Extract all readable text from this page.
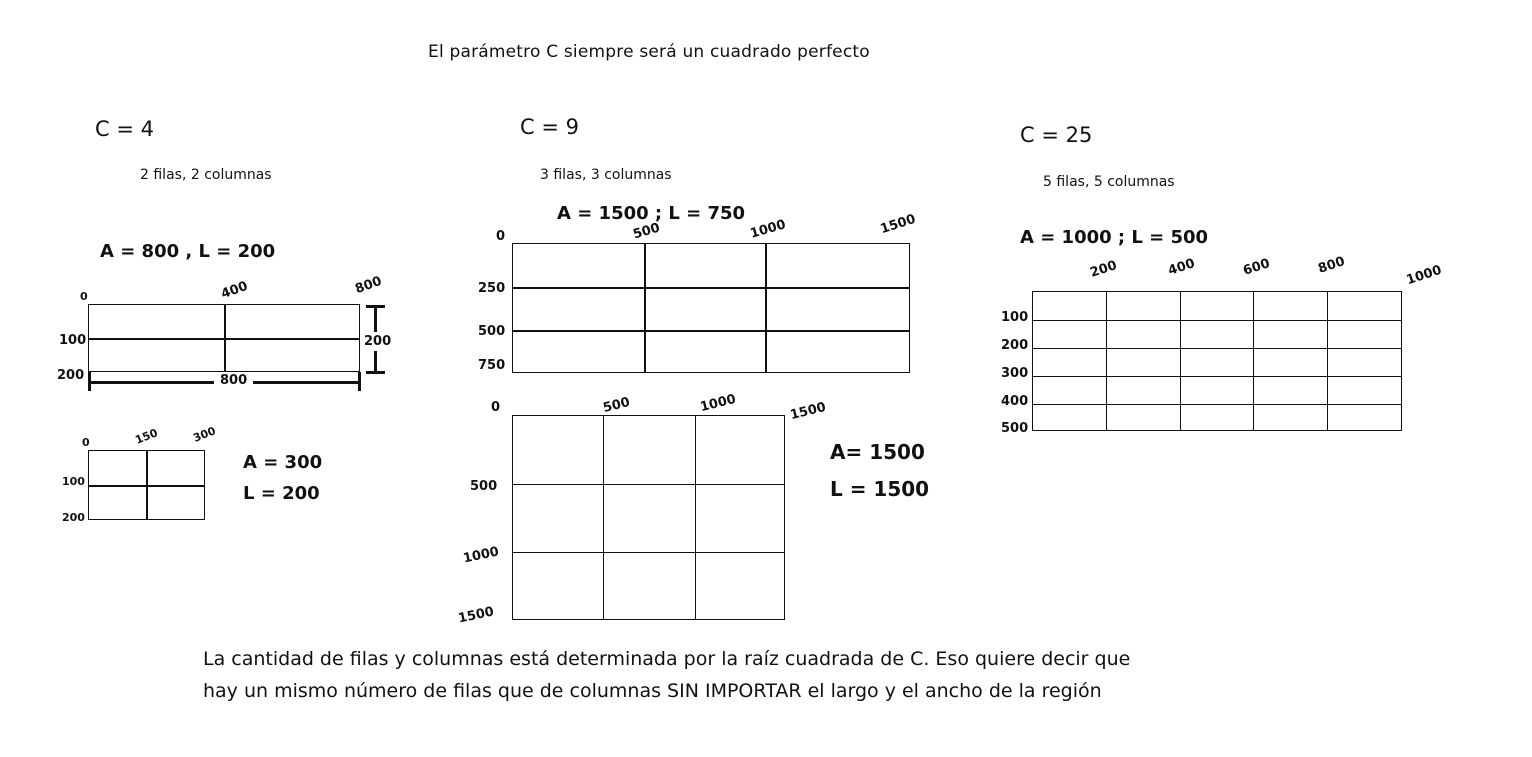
El parámetro C siempre será un cuadrado perfecto
C = 4
2 filas, 2 columnas
A = 800 , L = 200
0	400	800
100
200	800
200
0	150	300
100
200
A = 300
L = 200
C = 9
3 filas, 3 columnas
A = 1500 ; L = 750
0	500	1000	1500
250
500
750
0	500	1000	1500
500
1000
1500
A= 1500
L = 1500
C = 25
5 filas, 5 columnas
A = 1000 ; L = 500
200	400	600	800	1000
100
200
300
400
500
La cantidad de filas y columnas está determinada por la raíz cuadrada de C. Eso quiere decir que
hay un mismo número de filas que de columnas SIN IMPORTAR el largo y el ancho de la región
